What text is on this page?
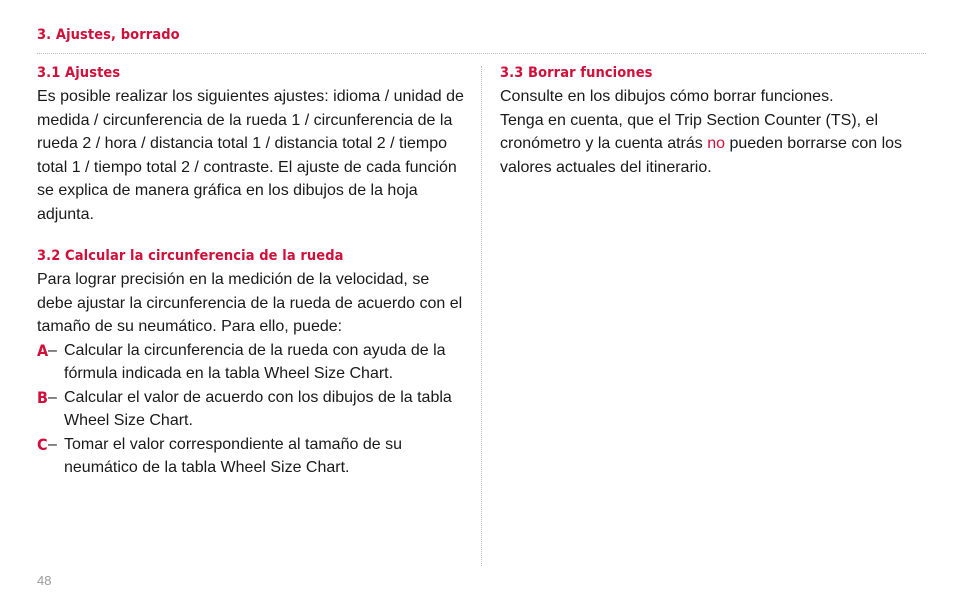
3. Ajustes, borrado

3.1 Ajustes

Es posible realizar los siguientes ajustes: idioma / unidad de medida / circunferencia de la rueda 1 / circunferencia de la rueda 2 / hora / distancia total 1 / distancia total 2 / tiempo total 1 / tiempo total 2 / contraste. El ajuste de cada función se explica de manera gráfica en los dibujos de la hoja adjunta.

3.2 Calcular la circunferencia de la rueda

Para lograr precisión en la medición de la velocidad, se debe ajustar la circunferencia de la rueda de acuerdo con el tamaño de su neumático. Para ello, puede:

A – Calcular la circunferencia de la rueda con ayuda de la fórmula indicada en la tabla Wheel Size Chart.
B – Calcular el valor de acuerdo con los dibujos de la tabla Wheel Size Chart.
C – Tomar el valor correspondiente al tamaño de su neumático de la tabla Wheel Size Chart.

3.3 Borrar funciones

Consulte en los dibujos cómo borrar funciones.

Tenga en cuenta, que el Trip Section Counter (TS), el cronómetro y la cuenta atrás no pueden borrarse con los valores actuales del itinerario.

48
